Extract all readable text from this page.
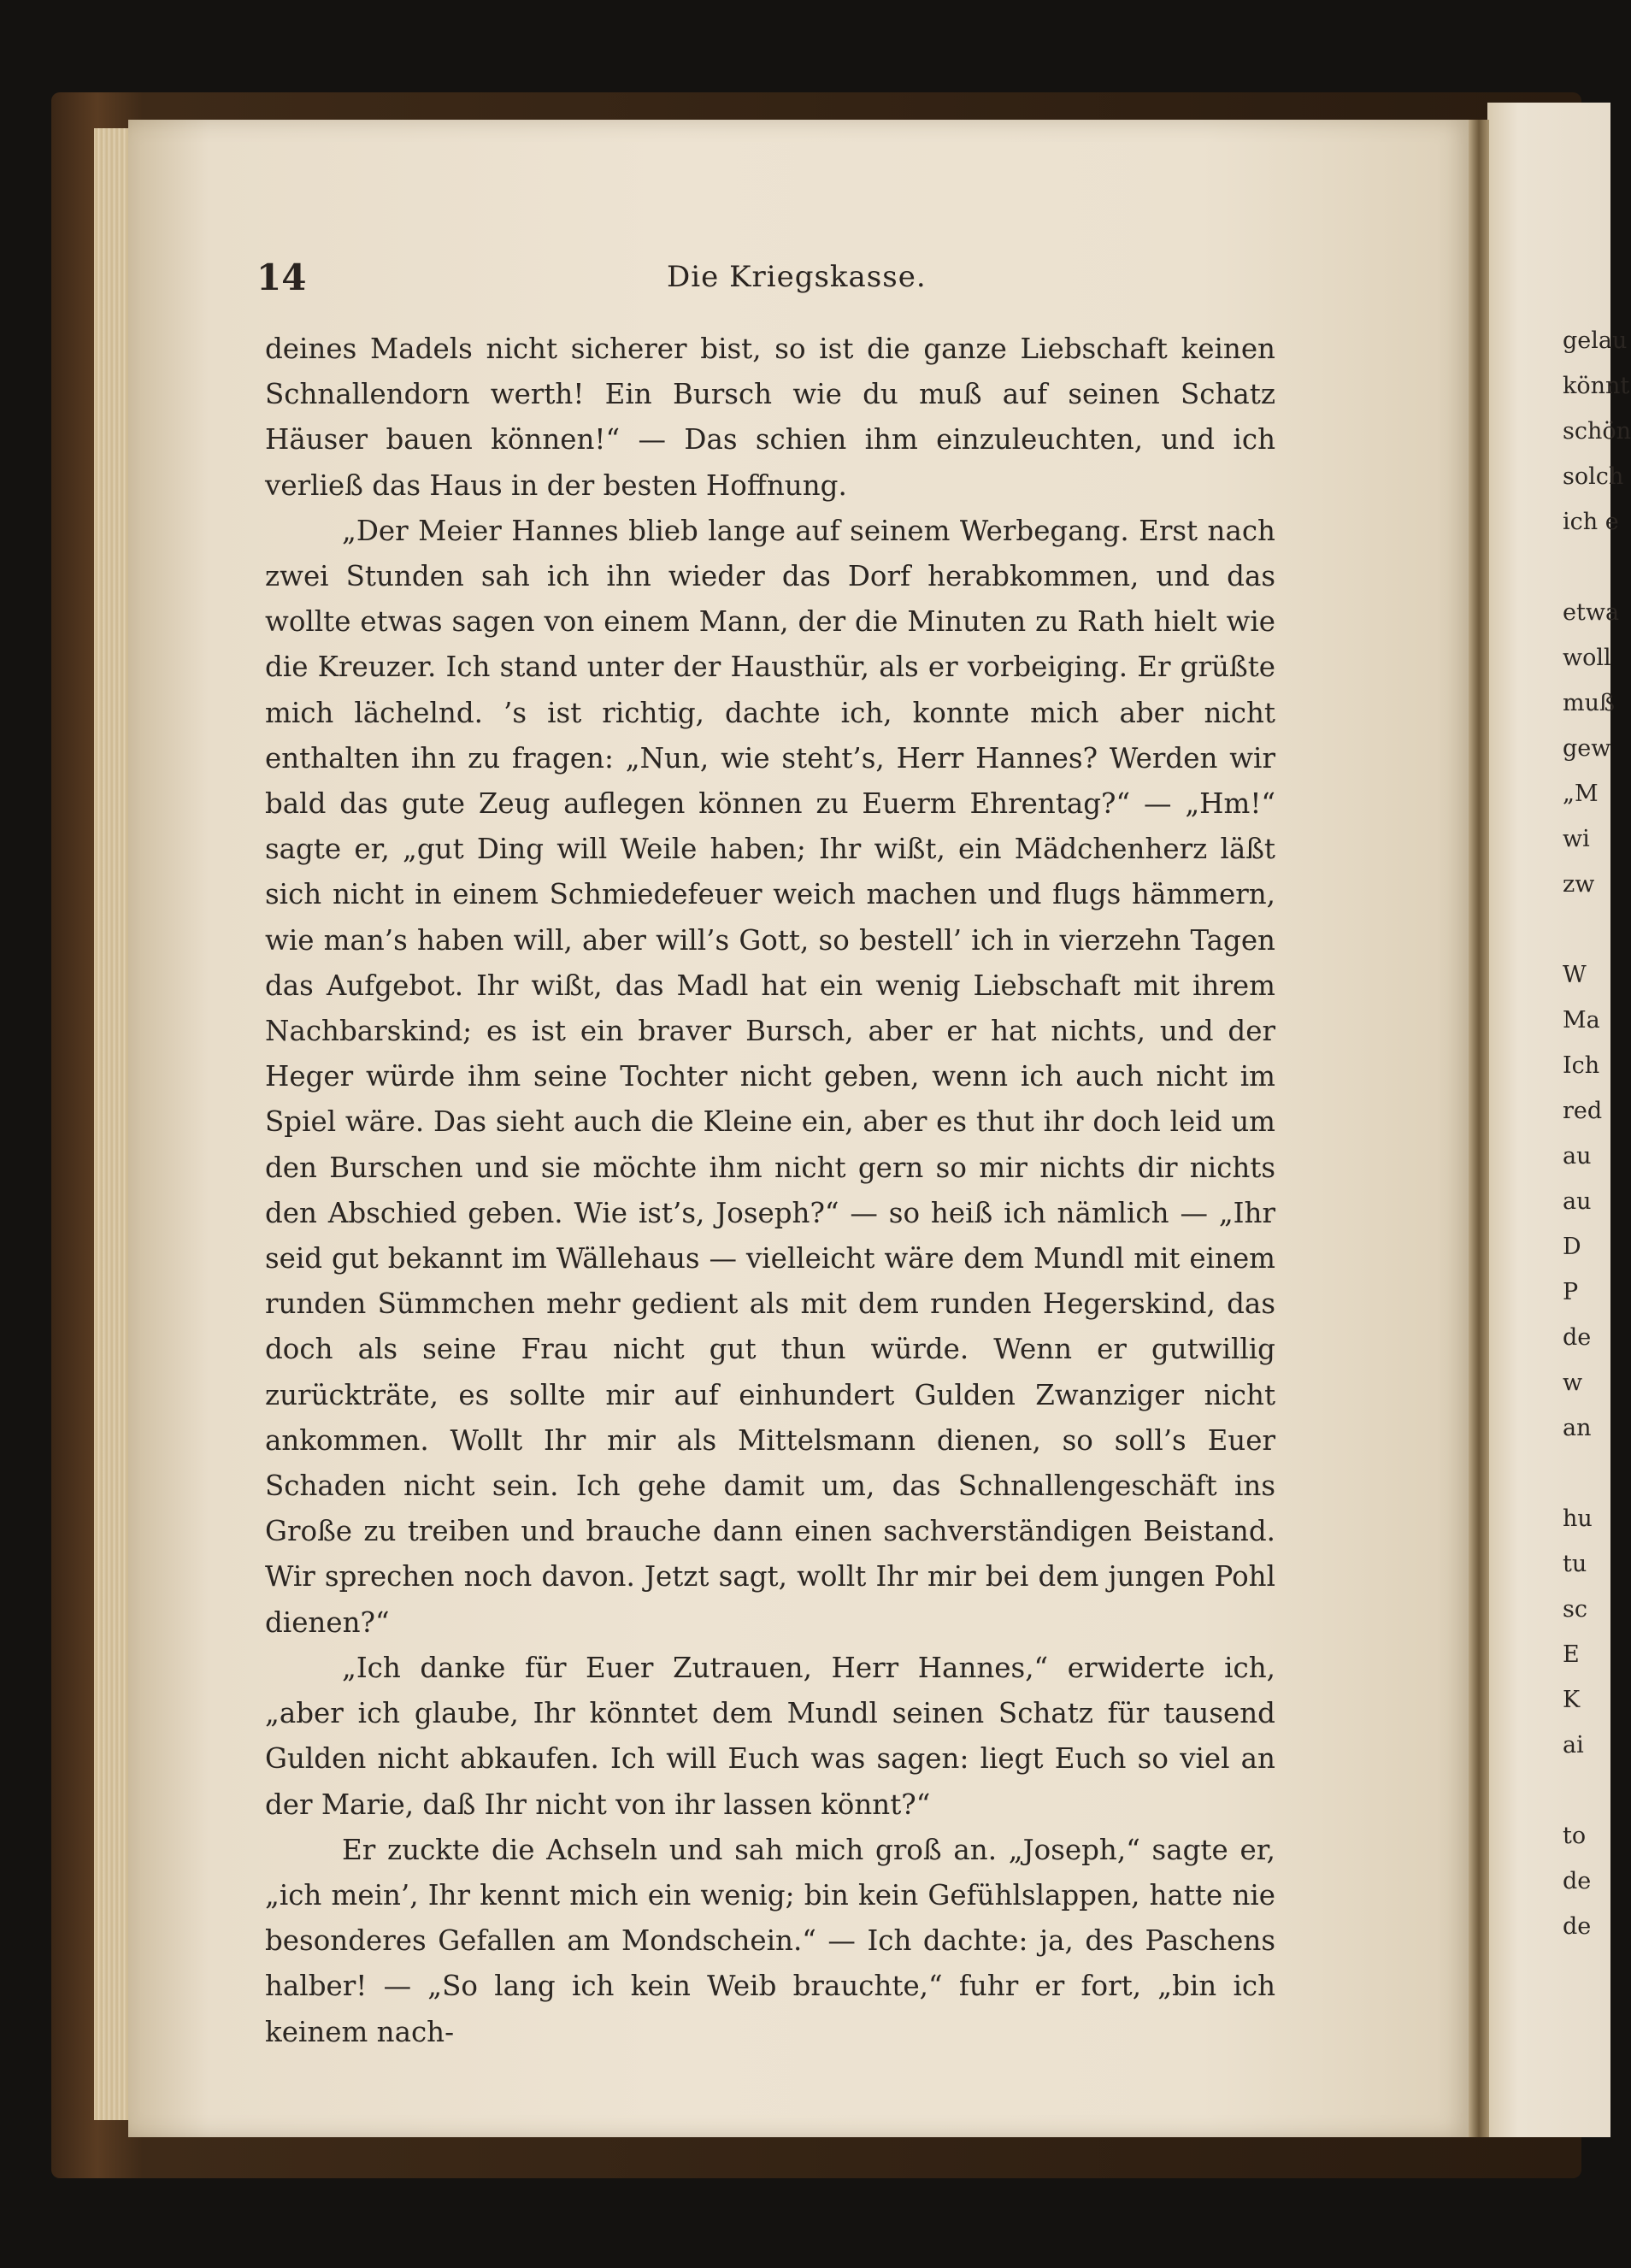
14	Die Kriegskasse.

deines Madels nicht sicherer bist, so ist die ganze Liebschaft keinen Schnallendorn werth! Ein Bursch wie du muß auf seinen Schatz Häuser bauen können!“ — Das schien ihm einzuleuchten, und ich verließ das Haus in der besten Hoffnung.

„Der Meier Hannes blieb lange auf seinem Werbegang. Erst nach zwei Stunden sah ich ihn wieder das Dorf herabkommen, und das wollte etwas sagen von einem Mann, der die Minuten zu Rath hielt wie die Kreuzer. Ich stand unter der Hausthür, als er vorbeiging. Er grüßte mich lächelnd. ’s ist richtig, dachte ich, konnte mich aber nicht enthalten ihn zu fragen: „Nun, wie steht’s, Herr Hannes? Werden wir bald das gute Zeug auflegen können zu Euerm Ehrentag?“ — „Hm!“ sagte er, „gut Ding will Weile haben; Ihr wißt, ein Mädchenherz läßt sich nicht in einem Schmiedefeuer weich machen und flugs hämmern, wie man’s haben will, aber will’s Gott, so bestell’ ich in vierzehn Tagen das Aufgebot. Ihr wißt, das Madl hat ein wenig Liebschaft mit ihrem Nachbarskind; es ist ein braver Bursch, aber er hat nichts, und der Heger würde ihm seine Tochter nicht geben, wenn ich auch nicht im Spiel wäre. Das sieht auch die Kleine ein, aber es thut ihr doch leid um den Burschen und sie möchte ihm nicht gern so mir nichts dir nichts den Abschied geben. Wie ist’s, Joseph?“ — so heiß ich nämlich — „Ihr seid gut bekannt im Wällehaus — vielleicht wäre dem Mundl mit einem runden Sümmchen mehr gedient als mit dem runden Hegerskind, das doch als seine Frau nicht gut thun würde. Wenn er gutwillig zurückträte, es sollte mir auf einhundert Gulden Zwanziger nicht ankommen. Wollt Ihr mir als Mittelsmann dienen, so soll’s Euer Schaden nicht sein. Ich gehe damit um, das Schnallengeschäft ins Große zu treiben und brauche dann einen sachverständigen Beistand. Wir sprechen noch davon. Jetzt sagt, wollt Ihr mir bei dem jungen Pohl dienen?“

„Ich danke für Euer Zutrauen, Herr Hannes,“ erwiderte ich, „aber ich glaube, Ihr könntet dem Mundl seinen Schatz für tausend Gulden nicht abkaufen. Ich will Euch was sagen: liegt Euch so viel an der Marie, daß Ihr nicht von ihr lassen könnt?“

Er zuckte die Achseln und sah mich groß an. „Joseph,“ sagte er, „ich mein’, Ihr kennt mich ein wenig; bin kein Gefühlslappen, hatte nie besonderes Gefallen am Mondschein.“ — Ich dachte: ja, des Paschens halber! — „So lang ich kein Weib brauchte,“ fuhr er fort, „bin ich keinem nach-

gelau
könnt
schön
solch
ich e
etwa
woll
muß
gew
„M
wi
zw
W
Ma
Ich
red
au
au
D
P
de
w
an
hu
tu
sc
E
K
ai
to
de
de
